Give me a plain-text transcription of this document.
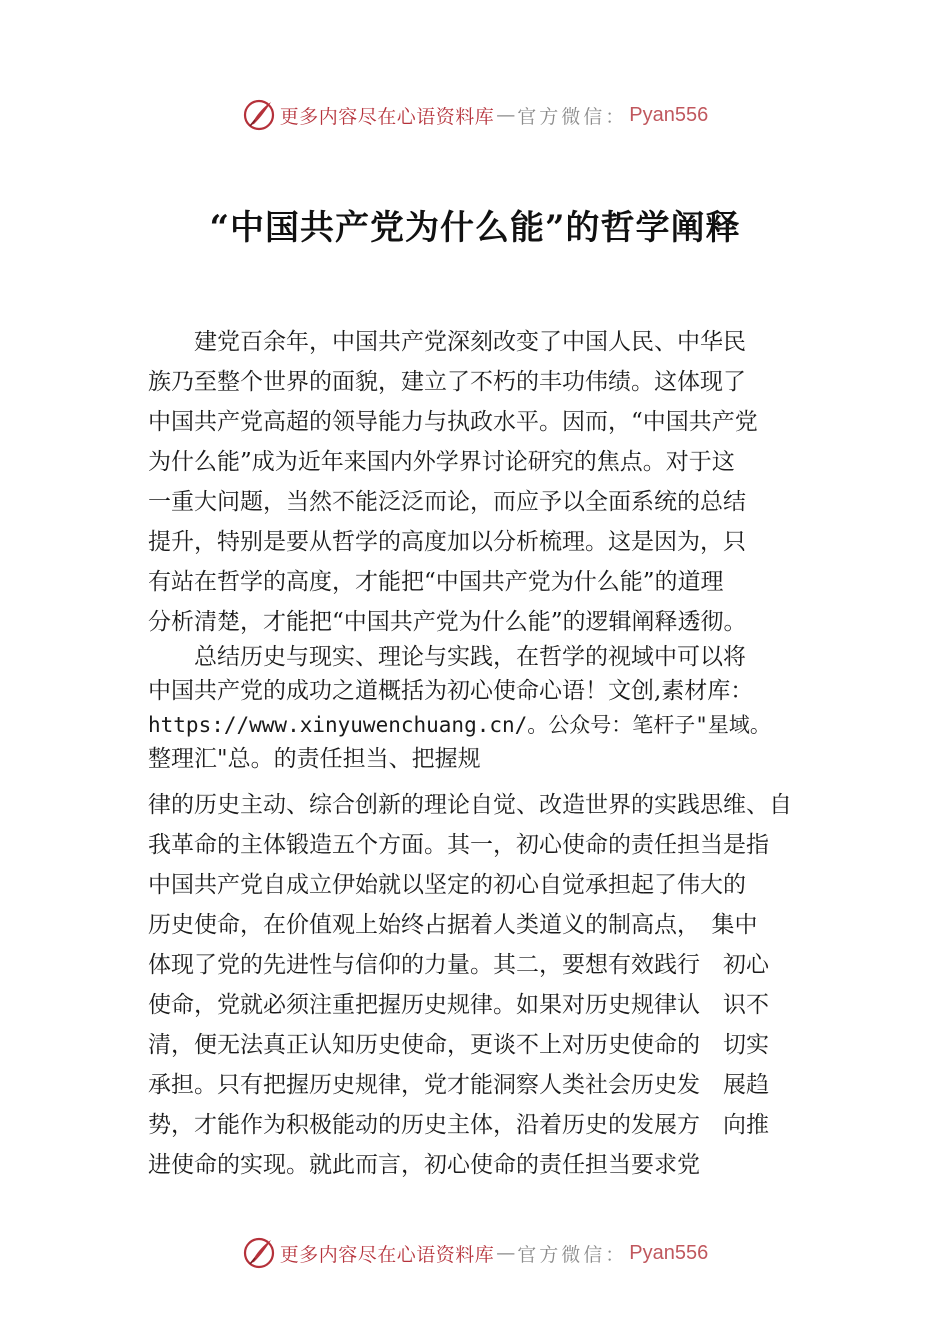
更多内容尽在心语资料库 — 官方微信： Pyan556
“中国共产党为什么能”的哲学阐释
　　建党百余年，中国共产党深刻改变了中国人民、中华民
族乃至整个世界的面貌，建立了不朽的丰功伟绩。这体现了
中国共产党高超的领导能力与执政水平。因而，“中国共产党
为什么能”成为近年来国内外学界讨论研究的焦点。对于这
一重大问题，当然不能泛泛而论，而应予以全面系统的总结
提升，特别是要从哲学的高度加以分析梳理。这是因为，只
有站在哲学的高度，才能把“中国共产党为什么能”的道理
分析清楚，才能把“中国共产党为什么能”的逻辑阐释透彻。
　　总结历史与现实、理论与实践，在哲学的视域中可以将
中国共产党的成功之道概括为初心使命心语！文创,素材库：
https://www.xinyuwenchuang.cn/。公众号：笔杆子"星域。
整理汇"总。的责任担当、把握规
律的历史主动、综合创新的理论自觉、改造世界的实践思维、自
我革命的主体锻造五个方面。其一，初心使命的责任担当是指
中国共产党自成立伊始就以坚定的初心自觉承担起了伟大的
历史使命，在价值观上始终占据着人类道义的制高点，　集中
体现了党的先进性与信仰的力量。其二，要想有效践行　初心
使命，党就必须注重把握历史规律。如果对历史规律认　识不
清，便无法真正认知历史使命，更谈不上对历史使命的　切实
承担。只有把握历史规律，党才能洞察人类社会历史发　展趋
势，才能作为积极能动的历史主体，沿着历史的发展方　向推
进使命的实现。就此而言，初心使命的责任担当要求党
更多内容尽在心语资料库 — 官方微信： Pyan556
